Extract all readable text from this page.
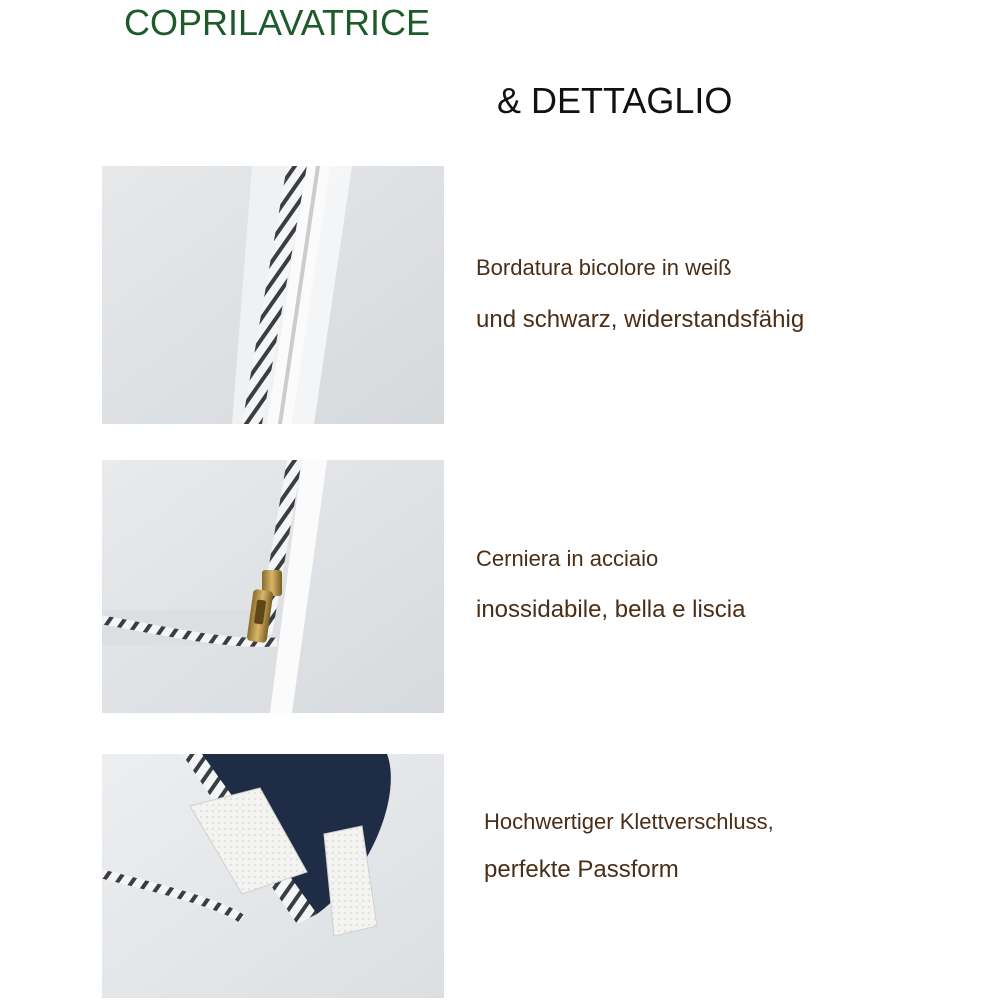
COPRILAVATRICE
& DETTAGLIO
Bordatura bicolore in weiß
und schwarz, widerstandsfähig
Cerniera in acciaio
inossidabile, bella e liscia
Hochwertiger Klettverschluss,
perfekte Passform
